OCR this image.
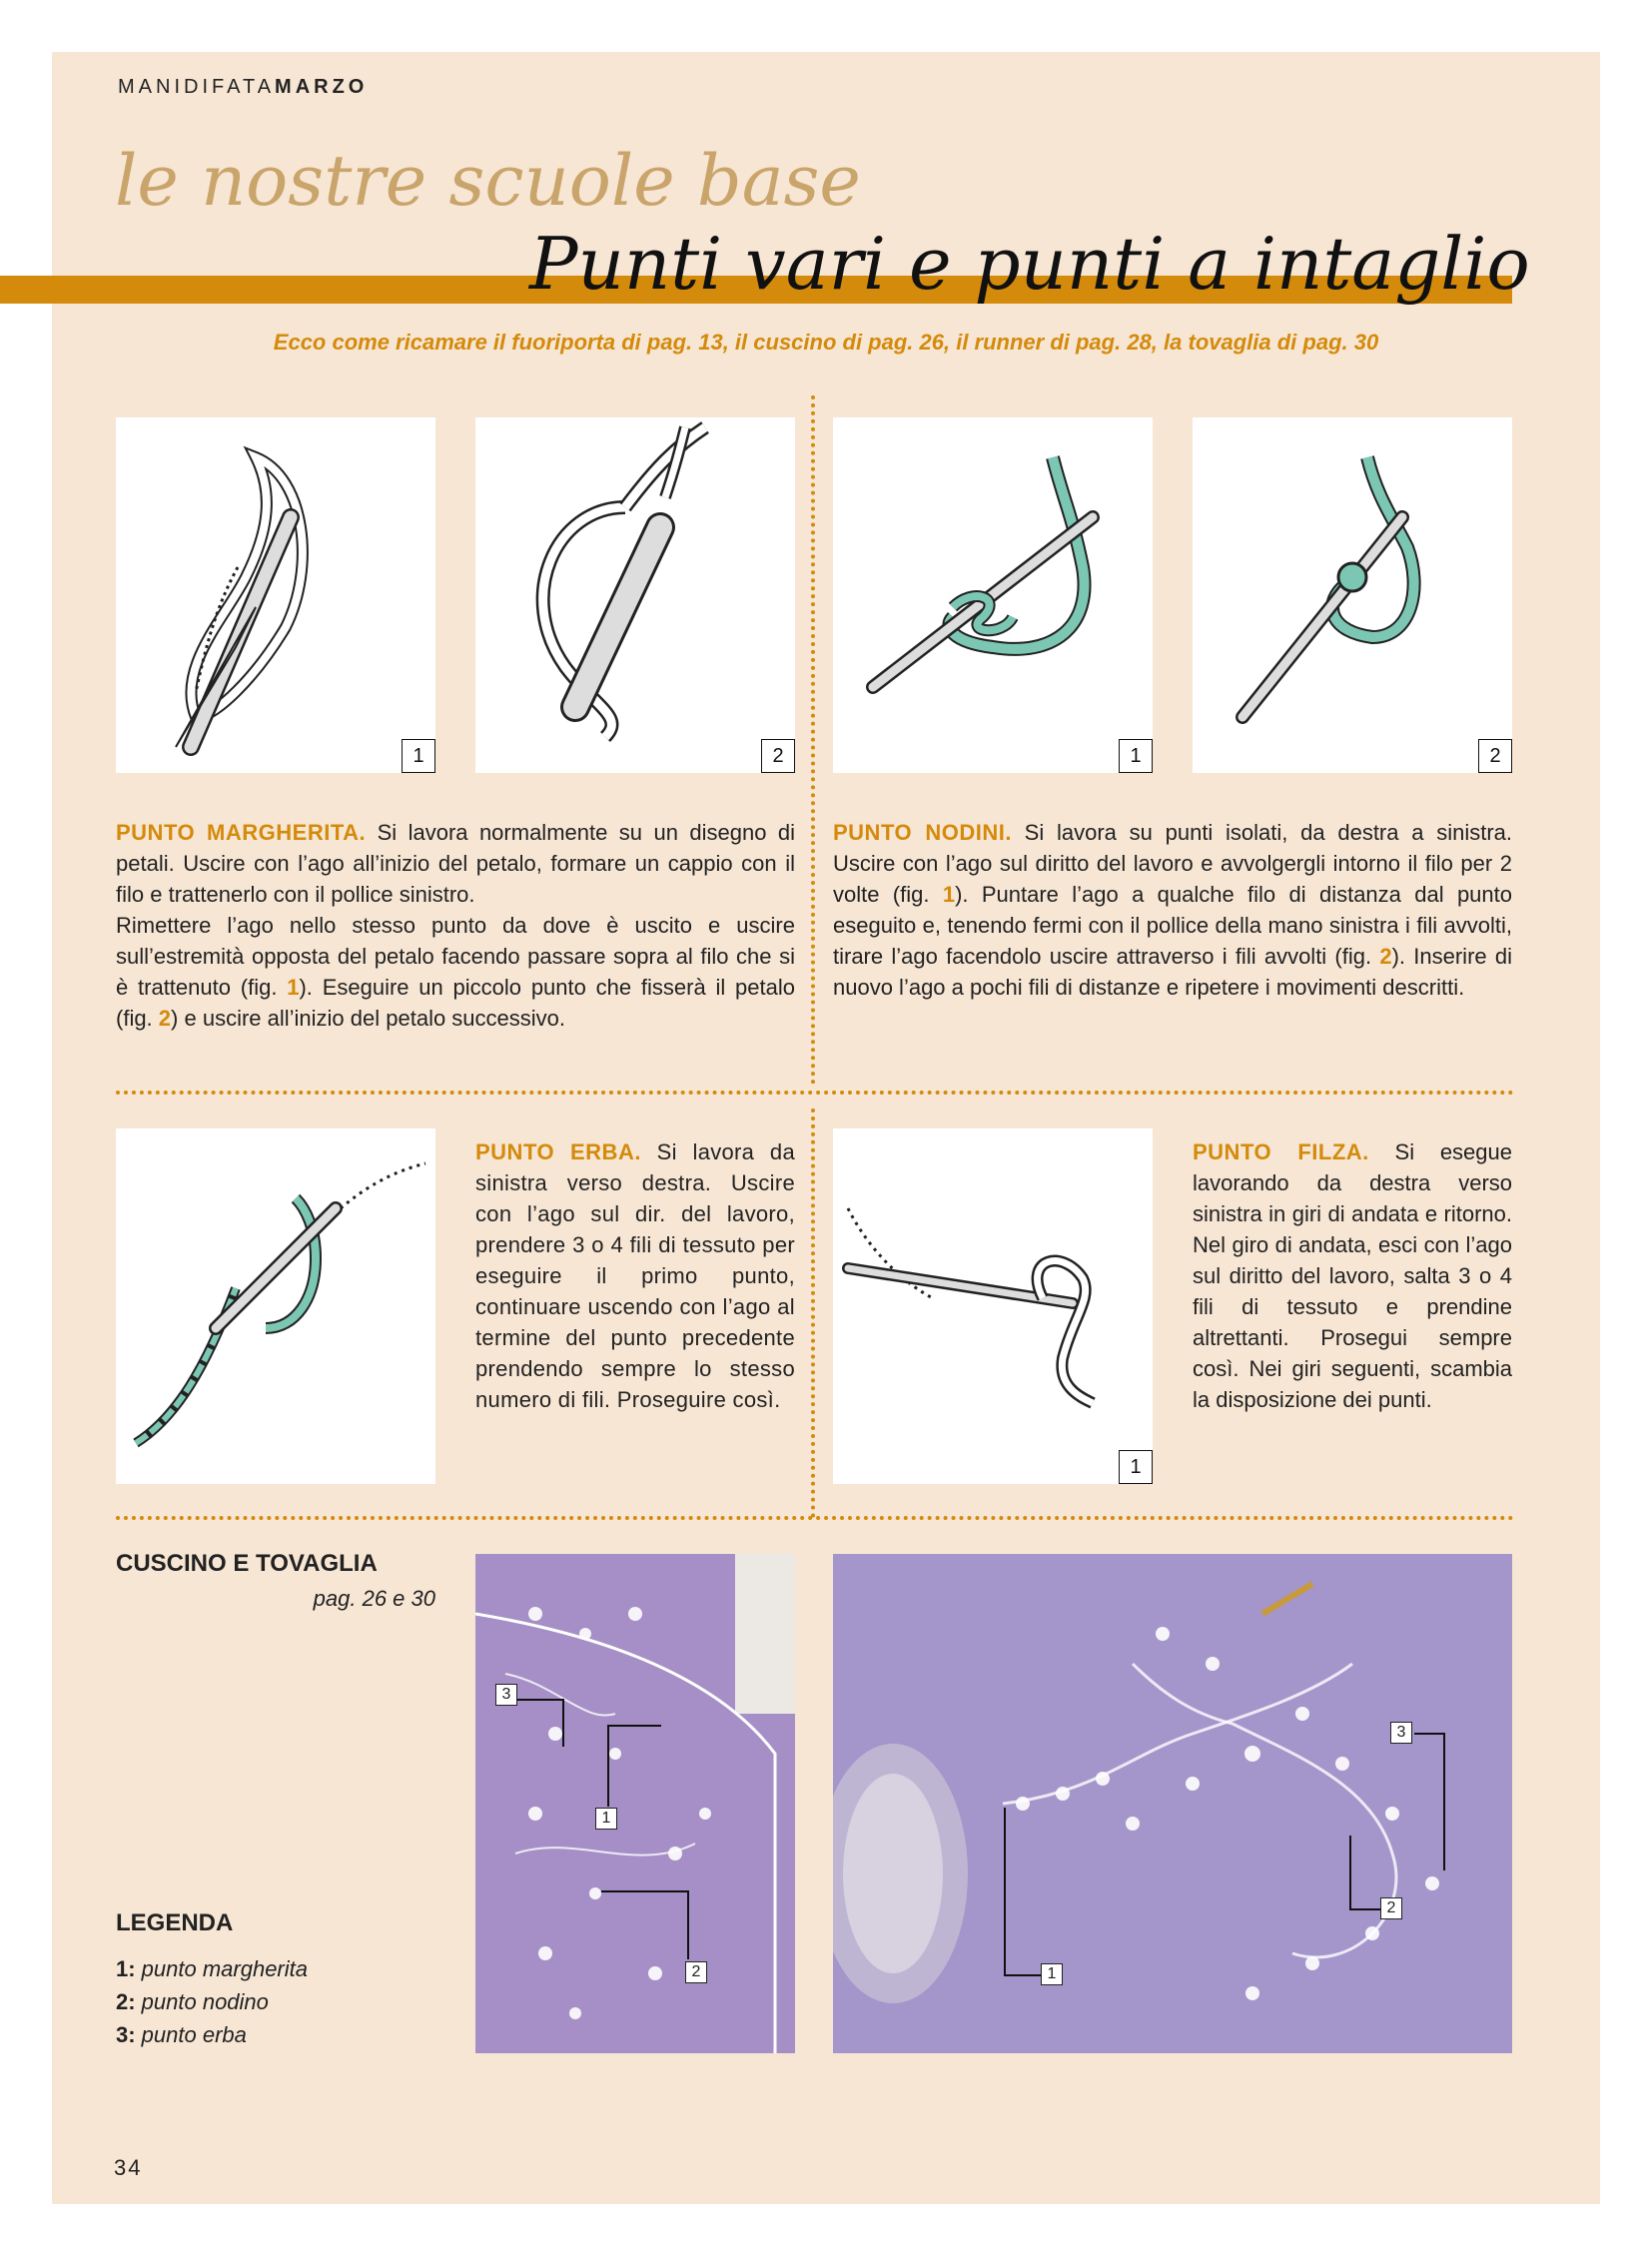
MANIDIFATAMARZO
le nostre scuole base
Punti vari e punti a intaglio
Ecco come ricamare il fuoriporta di pag. 13, il cuscino di pag. 26, il runner di pag. 28, la tovaglia di pag. 30
1	2	1	2
PUNTO MARGHERITA. Si lavora normalmente su un disegno di petali. Uscire con l’ago all’inizio del petalo, formare un cappio con il filo e trattenerlo con il pollice sinistro.
Rimettere l’ago nello stesso punto da dove è uscito e uscire sull’estremità opposta del petalo facendo passare sopra al filo che si è trattenuto (fig. 1). Eseguire un piccolo punto che fisserà il petalo (fig. 2) e uscire all’inizio del petalo successivo.
PUNTO NODINI. Si lavora su punti isolati, da destra a sinistra. Uscire con l’ago sul diritto del lavoro e avvolgergli intorno il filo per 2 volte (fig. 1). Puntare l’ago a qualche filo di distanza dal punto eseguito e, tenendo fermi con il pollice della mano sinistra i fili avvolti, tirare l’ago facendolo uscire attraverso i fili avvolti (fig. 2). Inserire di nuovo l’ago a pochi fili di distanze e ripetere i movimenti descritti.
PUNTO ERBA. Si lavora da sinistra verso destra. Uscire con l’ago sul dir. del lavoro, prendere 3 o 4 fili di tessuto per eseguire il primo punto, continuare uscendo con l’ago al termine del punto precedente prendendo sempre lo stesso numero di fili. Proseguire così.
1
PUNTO FILZA. Si esegue lavorando da destra verso sinistra in giri di andata e ritorno. Nel giro di andata, esci con l’ago sul diritto del lavoro, salta 3 o 4 fili di tessuto e prendine altrettanti. Prosegui sempre così. Nei giri seguenti, scambia la disposizione dei punti.
CUSCINO E TOVAGLIA
pag. 26 e 30
3
1
2
3
2
1
LEGENDA
1: punto margherita
2: punto nodino
3: punto erba
34
